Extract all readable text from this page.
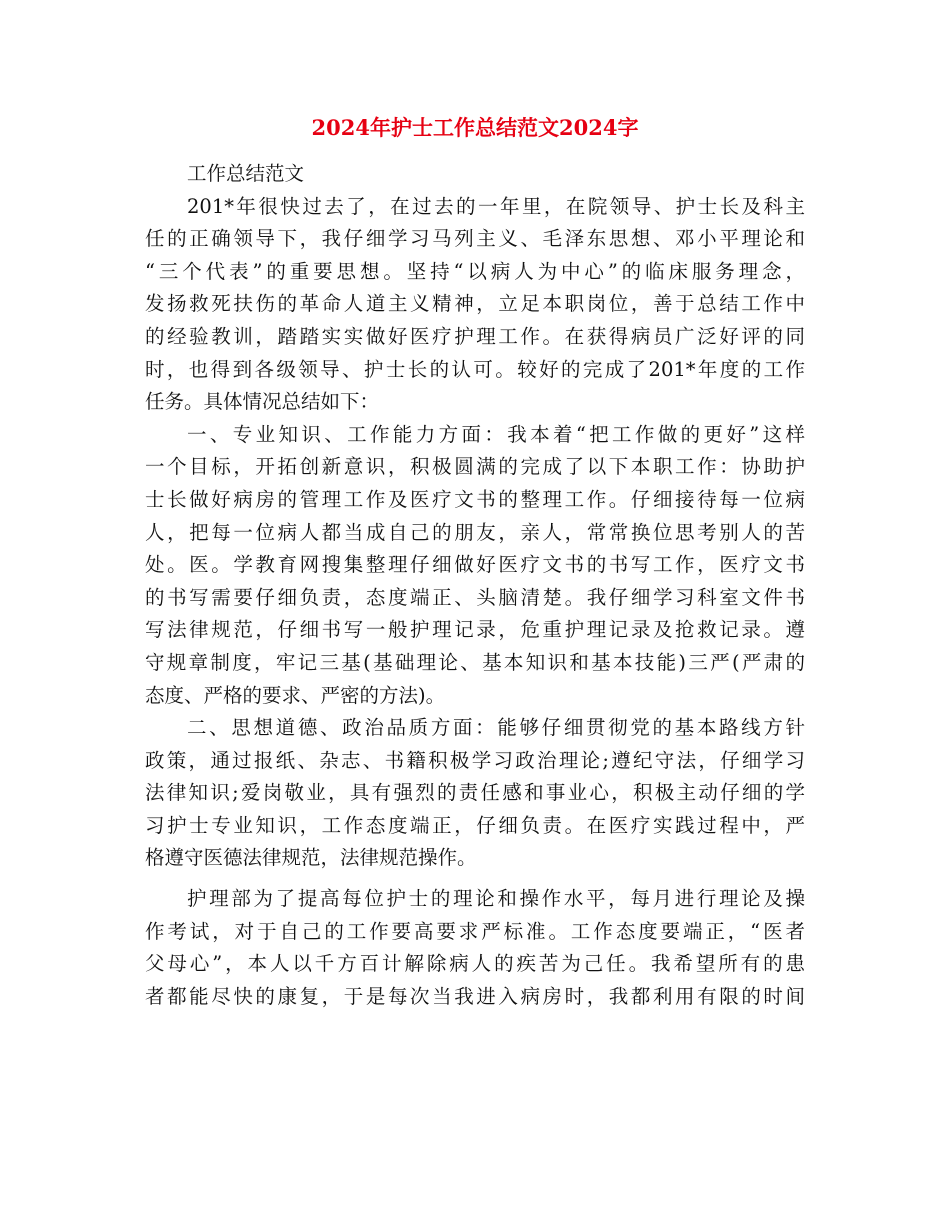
2024年护士工作总结范文2024字
工作总结范文
201*年很快过去了，在过去的一年里，在院领导、护士长及科主
任的正确领导下，我仔细学习马列主义、毛泽东思想、邓小平理论和
“三个代表”的重要思想。坚持“以病人为中心”的临床服务理念，
发扬救死扶伤的革命人道主义精神，立足本职岗位，善于总结工作中
的经验教训，踏踏实实做好医疗护理工作。在获得病员广泛好评的同
时，也得到各级领导、护士长的认可。较好的完成了201*年度的工作
任务。具体情况总结如下：
一、专业知识、工作能力方面：我本着“把工作做的更好”这样
一个目标，开拓创新意识，积极圆满的完成了以下本职工作：协助护
士长做好病房的管理工作及医疗文书的整理工作。仔细接待每一位病
人，把每一位病人都当成自己的朋友，亲人，常常换位思考别人的苦
处。医。学教育网搜集整理仔细做好医疗文书的书写工作，医疗文书
的书写需要仔细负责，态度端正、头脑清楚。我仔细学习科室文件书
写法律规范，仔细书写一般护理记录，危重护理记录及抢救记录。遵
守规章制度，牢记三基(基础理论、基本知识和基本技能)三严(严肃的
态度、严格的要求、严密的方法)。
二、思想道德、政治品质方面：能够仔细贯彻党的基本路线方针
政策，通过报纸、杂志、书籍积极学习政治理论;遵纪守法，仔细学习
法律知识;爱岗敬业，具有强烈的责任感和事业心，积极主动仔细的学
习护士专业知识，工作态度端正，仔细负责。在医疗实践过程中，严
格遵守医德法律规范，法律规范操作。
护理部为了提高每位护士的理论和操作水平，每月进行理论及操
作考试，对于自己的工作要高要求严标准。工作态度要端正，“医者
父母心”，本人以千方百计解除病人的疾苦为己任。我希望所有的患
者都能尽快的康复，于是每次当我进入病房时，我都利用有限的时间
